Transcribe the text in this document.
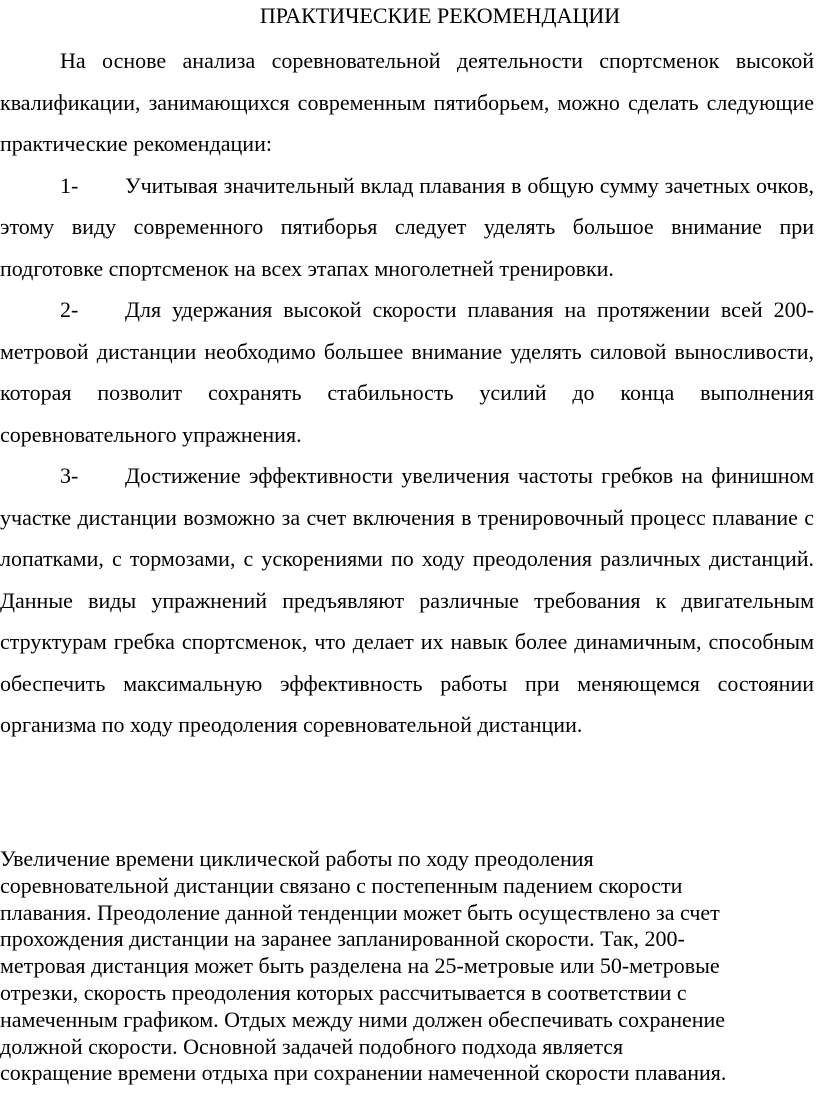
ПРАКТИЧЕСКИЕ РЕКОМЕНДАЦИИ

На основе анализа соревновательной деятельности спортсменок высокой квалификации, занимающихся современным пятиборьем, можно сделать следующие практические рекомендации:

1- Учитывая значительный вклад плавания в общую сумму зачетных очков, этому виду современного пятиборья следует уделять большое внимание при подготовке спортсменок на всех этапах многолетней тренировки.

2- Для удержания высокой скорости плавания на протяжении всей 200-метровой дистанции необходимо большее внимание уделять силовой выносливости, которая позволит сохранять стабильность усилий до конца выполнения соревновательного упражнения.

3- Достижение эффективности увеличения частоты гребков на финишном участке дистанции возможно за счет включения в тренировочный процесс плавание с лопатками, с тормозами, с ускорениями по ходу преодоления различных дистанций. Данные виды упражнений предъявляют различные требования к двигательным структурам гребка спортсменок, что делает их навык более динамичным, способным обеспечить максимальную эффективность работы при меняющемся состоянии организма по ходу преодоления соревновательной дистанции.

Увеличение времени циклической работы по ходу преодоления
соревновательной дистанции связано с постепенным падением скорости
плавания. Преодоление данной тенденции может быть осуществлено за счет
прохождения дистанции на заранее запланированной скорости. Так, 200-
метровая дистанция может быть разделена на 25-метровые или 50-метровые
отрезки, скорость преодоления которых рассчитывается в соответствии с
намеченным графиком. Отдых между ними должен обеспечивать сохранение
должной скорости. Основной задачей подобного подхода является
сокращение времени отдыха при сохранении намеченной скорости плавания.
